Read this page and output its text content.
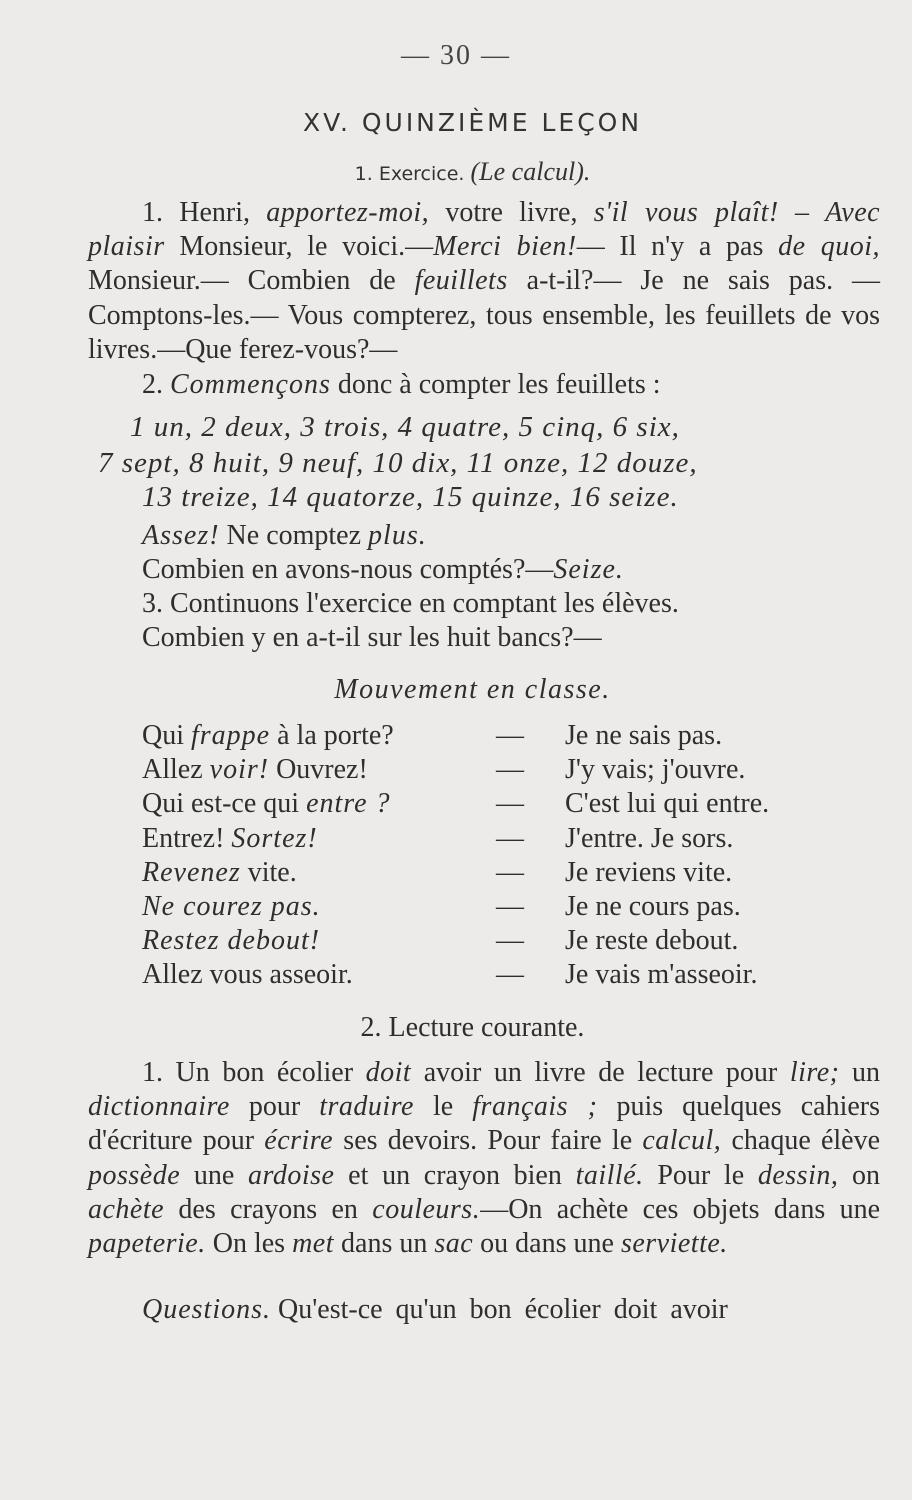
— 30 —
XV. QUINZIÈME LEÇON
1. Exercice. (Le calcul).
1. Henri, apportez-moi, votre livre, s'il vous plaît! – Avec plaisir Monsieur, le voici.—Merci bien!— Il n'y a pas de quoi, Monsieur.— Combien de feuillets a-t-il?— Je ne sais pas. —Comptons-les.— Vous compterez, tous ensemble, les feuillets de vos livres.—Que ferez-vous?—
2. Commençons donc à compter les feuillets :
1 un, 2 deux, 3 trois, 4 quatre, 5 cinq, 6 six,
7 sept, 8 huit, 9 neuf, 10 dix, 11 onze, 12 douze,
13 treize, 14 quatorze, 15 quinze, 16 seize.
Assez! Ne comptez plus.
Combien en avons-nous comptés?—Seize.
3. Continuons l'exercice en comptant les élèves.
Combien y en a-t-il sur les huit bancs?—
Mouvement en classe.
Qui frappe à la porte?	— Je ne sais pas.
Allez voir! Ouvrez!	— J'y vais; j'ouvre.
Qui est-ce qui entre ?	— C'est lui qui entre.
Entrez! Sortez!	— J'entre. Je sors.
Revenez vite.	— Je reviens vite.
Ne courez pas.	— Je ne cours pas.
Restez debout!	— Je reste debout.
Allez vous asseoir.	— Je vais m'asseoir.
2. Lecture courante.
1. Un bon écolier doit avoir un livre de lecture pour lire; un dictionnaire pour traduire le français ; puis quelques cahiers d'écriture pour écrire ses devoirs. Pour faire le calcul, chaque élève possède une ardoise et un crayon bien taillé. Pour le dessin, on achète des crayons en couleurs.—On achète ces objets dans une papeterie. On les met dans un sac ou dans une serviette.
Questions. Qu'est-ce qu'un bon écolier doit avoir
